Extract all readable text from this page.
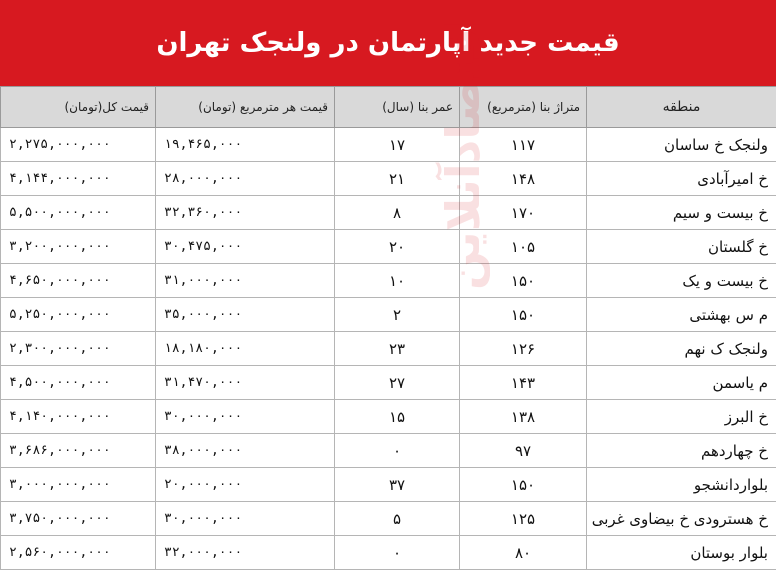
قیمت جدید آپارتمان در ولنجک تهران
منطقه	متراژ بنا (مترمربع)	عمر بنا (سال)	قیمت هر مترمربع (تومان)	قیمت کل(تومان)
ولنجک خ ساسان	۱۱۷	۱۷	۱۹,۴۶۵,۰۰۰	۲,۲۷۵,۰۰۰,۰۰۰
خ امیرآبادی	۱۴۸	۲۱	۲۸,۰۰۰,۰۰۰	۴,۱۴۴,۰۰۰,۰۰۰
خ بیست و سیم	۱۷۰	۸	۳۲,۳۶۰,۰۰۰	۵,۵۰۰,۰۰۰,۰۰۰
خ گلستان	۱۰۵	۲۰	۳۰,۴۷۵,۰۰۰	۳,۲۰۰,۰۰۰,۰۰۰
خ بیست و یک	۱۵۰	۱۰	۳۱,۰۰۰,۰۰۰	۴,۶۵۰,۰۰۰,۰۰۰
م س بهشتی	۱۵۰	۲	۳۵,۰۰۰,۰۰۰	۵,۲۵۰,۰۰۰,۰۰۰
ولنجک ک نهم	۱۲۶	۲۳	۱۸,۱۸۰,۰۰۰	۲,۳۰۰,۰۰۰,۰۰۰
م یاسمن	۱۴۳	۲۷	۳۱,۴۷۰,۰۰۰	۴,۵۰۰,۰۰۰,۰۰۰
خ البرز	۱۳۸	۱۵	۳۰,۰۰۰,۰۰۰	۴,۱۴۰,۰۰۰,۰۰۰
خ چهاردهم	۹۷	۰	۳۸,۰۰۰,۰۰۰	۳,۶۸۶,۰۰۰,۰۰۰
بلواردانشجو	۱۵۰	۳۷	۲۰,۰۰۰,۰۰۰	۳,۰۰۰,۰۰۰,۰۰۰
خ هسترودی خ بیضاوی غربی	۱۲۵	۵	۳۰,۰۰۰,۰۰۰	۳,۷۵۰,۰۰۰,۰۰۰
بلوار بوستان	۸۰	۰	۳۲,۰۰۰,۰۰۰	۲,۵۶۰,۰۰۰,۰۰۰
اقتصادآنلاین
